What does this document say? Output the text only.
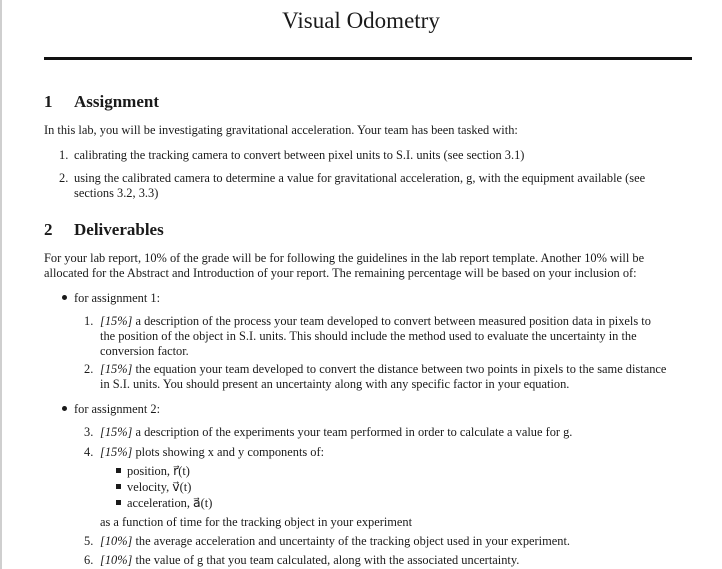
Visual Odometry
1 Assignment
In this lab, you will be investigating gravitational acceleration. Your team has been tasked with:
1. calibrating the tracking camera to convert between pixel units to S.I. units (see section 3.1)
2. using the calibrated camera to determine a value for gravitational acceleration, g, with the equipment available (see
sections 3.2, 3.3)
2 Deliverables
For your lab report, 10% of the grade will be for following the guidelines in the lab report template. Another 10% will be
allocated for the Abstract and Introduction of your report. The remaining percentage will be based on your inclusion of:
for assignment 1:
1. [15%] a description of the process your team developed to convert between measured position data in pixels to
the position of the object in S.I. units. This should include the method used to evaluate the uncertainty in the
conversion factor.
2. [15%] the equation your team developed to convert the distance between two points in pixels to the same distance
in S.I. units. You should present an uncertainty along with any specific factor in your equation.
for assignment 2:
3. [15%] a description of the experiments your team performed in order to calculate a value for g.
4. [15%] plots showing x and y components of:
position, r⃗(t)
velocity, v⃗(t)
acceleration, a⃗(t)
as a function of time for the tracking object in your experiment
5. [10%] the average acceleration and uncertainty of the tracking object used in your experiment.
6. [10%] the value of g that you team calculated, along with the associated uncertainty.
